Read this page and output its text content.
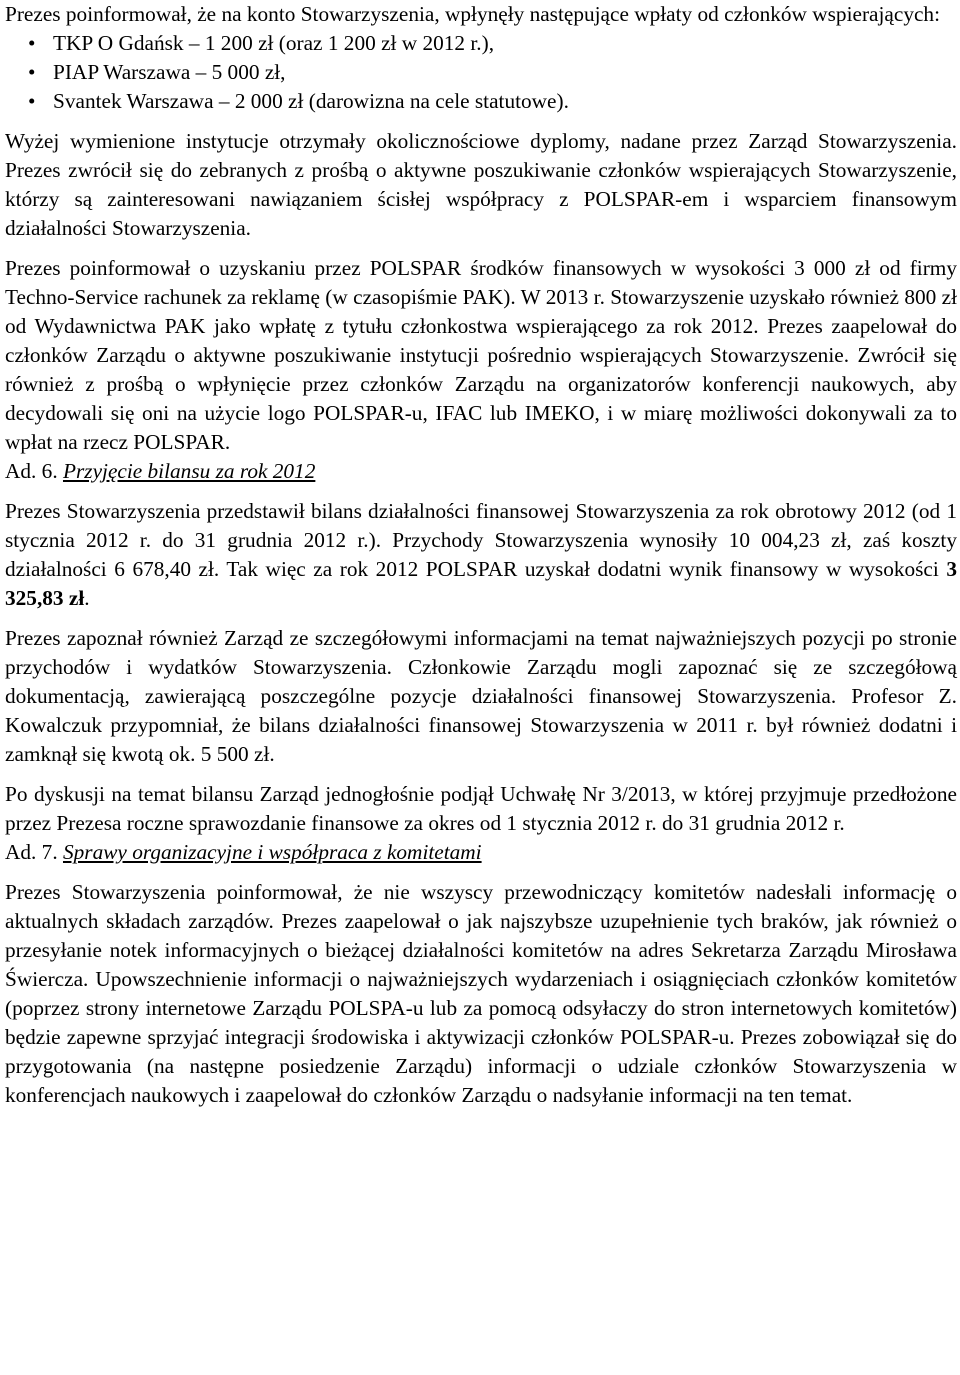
Prezes poinformował, że na konto Stowarzyszenia, wpłynęły następujące wpłaty od członków wspierających:

• TKP O Gdańsk – 1 200 zł (oraz 1 200 zł w 2012 r.),
• PIAP Warszawa – 5 000 zł,
• Svantek Warszawa – 2 000 zł (darowizna na cele statutowe).

Wyżej wymienione instytucje otrzymały okolicznościowe dyplomy, nadane przez Zarząd Stowarzyszenia. Prezes zwrócił się do zebranych z prośbą o aktywne poszukiwanie członków wspierających Stowarzyszenie, którzy są zainteresowani nawiązaniem ścisłej współpracy z POLSPAR-em i wsparciem finansowym działalności Stowarzyszenia.

Prezes poinformował o uzyskaniu przez POLSPAR środków finansowych w wysokości 3 000 zł od firmy Techno-Service rachunek za reklamę (w czasopiśmie PAK). W 2013 r. Stowarzyszenie uzyskało również 800 zł od Wydawnictwa PAK jako wpłatę z tytułu członkostwa wspierającego za rok 2012. Prezes zaapelował do członków Zarządu o aktywne poszukiwanie instytucji pośrednio wspierających Stowarzyszenie. Zwrócił się również z prośbą o wpłynięcie przez członków Zarządu na organizatorów konferencji naukowych, aby decydowali się oni na użycie logo POLSPAR-u, IFAC lub IMEKO, i w miarę możliwości dokonywali za to wpłat na rzecz POLSPAR.

Ad. 6. Przyjęcie bilansu za rok 2012

Prezes Stowarzyszenia przedstawił bilans działalności finansowej Stowarzyszenia za rok obrotowy 2012 (od 1 stycznia 2012 r. do 31 grudnia 2012 r.). Przychody Stowarzyszenia wynosiły 10 004,23 zł, zaś koszty działalności 6 678,40 zł. Tak więc za rok 2012 POLSPAR uzyskał dodatni wynik finansowy w wysokości 3 325,83 zł.

Prezes zapoznał również Zarząd ze szczegółowymi informacjami na temat najważniejszych pozycji po stronie przychodów i wydatków Stowarzyszenia. Członkowie Zarządu mogli zapoznać się ze szczegółową dokumentacją, zawierającą poszczególne pozycje działalności finansowej Stowarzyszenia. Profesor Z. Kowalczuk przypomniał, że bilans działalności finansowej Stowarzyszenia w 2011 r. był również dodatni i zamknął się kwotą ok. 5 500 zł.

Po dyskusji na temat bilansu Zarząd jednogłośnie podjął Uchwałę Nr 3/2013, w której przyjmuje przedłożone przez Prezesa roczne sprawozdanie finansowe za okres od 1 stycznia 2012 r. do 31 grudnia 2012 r.

Ad. 7. Sprawy organizacyjne i współpraca z komitetami

Prezes Stowarzyszenia poinformował, że nie wszyscy przewodniczący komitetów nadesłali informację o aktualnych składach zarządów. Prezes zaapelował o jak najszybsze uzupełnienie tych braków, jak również o przesyłanie notek informacyjnych o bieżącej działalności komitetów na adres Sekretarza Zarządu Mirosława Świercza. Upowszechnienie informacji o najważniejszych wydarzeniach i osiągnięciach członków komitetów (poprzez strony internetowe Zarządu POLSPA-u lub za pomocą odsyłaczy do stron internetowych komitetów) będzie zapewne sprzyjać integracji środowiska i aktywizacji członków POLSPAR-u. Prezes zobowiązał się do przygotowania (na następne posiedzenie Zarządu) informacji o udziale członków Stowarzyszenia w konferencjach naukowych i zaapelował do członków Zarządu o nadsyłanie informacji na ten temat.
